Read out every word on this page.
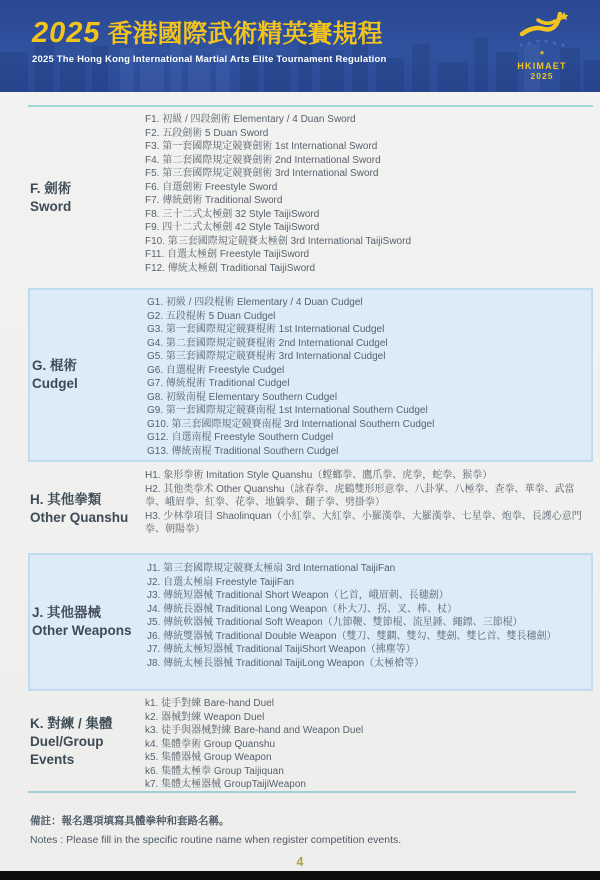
2025 香港國際武術精英賽規程
2025 The Hong Kong International Martial Arts Elite Tournament Regulation
★ ★ ★ ★ ★ ★
★
HKIMAET
2025
F. 劍術
Sword
F1. 初級 / 四段劍術 Elementary / 4 Duan Sword
F2. 五段劍術 5 Duan Sword
F3. 第一套國際規定競賽劍術 1st International Sword
F4. 第二套國際規定競賽劍術 2nd International Sword
F5. 第三套國際規定競賽劍術 3rd International Sword
F6. 自選劍術 Freestyle Sword
F7. 傳統劍術 Traditional Sword
F8. 三十二式太極劍 32 Style TaijiSword
F9. 四十二式太極劍 42 Style TaijiSword
F10. 第三套國際規定競賽太極劍 3rd International TaijiSword
F11. 自選太極劍 Freestyle TaijiSword
F12. 傳統太極劍 Traditional TaijiSword
G. 棍術
Cudgel
G1. 初級 / 四段棍術 Elementary / 4 Duan Cudgel
G2. 五段棍術 5 Duan Cudgel
G3. 第一套國際規定競賽棍術 1st International Cudgel
G4. 第二套國際規定競賽棍術 2nd International Cudgel
G5. 第三套國際規定競賽棍術 3rd International Cudgel
G6. 自選棍術 Freestyle Cudgel
G7. 傳統棍術 Traditional Cudgel
G8. 初級南棍 Elementary Southern Cudgel
G9. 第一套國際規定競賽南棍 1st International Southern Cudgel
G10. 第三套國際規定競賽南棍 3rd International Southern Cudgel
G12. 自選南棍 Freestyle Southern Cudgel
G13. 傳統南棍 Traditional Southern Cudgel
H. 其他拳類
Other Quanshu
H1. 象形拳術 Imitation Style Quanshu（螳螂拳、鷹爪拳、虎拳，蛇拳、猴拳）
H2. 其他类拳术 Other Quanshu（詠春拳、虎鶴雙形形意拳、八卦掌、八極拳、查拳、華拳、武當拳、峨眉拳、紅拳、花拳、地躺拳、翻子拳、劈掛拳）
H3. 少林拳項目 Shaolinquan（小紅拳、大紅拳、小羅漢拳、大羅漢拳、七星拳、炮拳、長護心意門拳、朝陽拳）
J. 其他器械
Other Weapons
J1. 第三套國際規定競賽太極扇 3rd International TaijiFan
J2. 自選太極扇 Freestyle TaijiFan
J3. 傳統短器械 Traditional Short Weapon（匕首，峨眉刺、長穗劍）
J4. 傳統長器械 Traditional Long Weapon（朴大刀、拐、叉、棒、杖）
J5. 傳統軟器械 Traditional Soft Weapon（九節鞭、雙節棍、流星錘、繩鏢、三節棍）
J6. 傳統雙器械 Traditional Double Weapon（雙刀、雙鐧、雙勾、雙劍、雙匕首、雙長穗劍）
J7. 傳統太極短器械 Traditional TaijiShort Weapon（拂塵等）
J8. 傳統太極長器械 Traditional TaijiLong Weapon（太極槍等）
K. 對練 / 集體
Duel/Group Events
k1. 徒手對練 Bare-hand Duel
k2. 器械對練 Weapon Duel
k3. 徒手與器械對練 Bare-hand and Weapon Duel
k4. 集體拳術 Group Quanshu
k5. 集體器械 Group Weapon
k6. 集體太極拳 Group Taijiquan
k7. 集體太極器械 GroupTaijiWeapon
備註：報名選項填寫具體拳种和套路名稱。
Notes : Please fill in the specific routine name when register competition events.
4
